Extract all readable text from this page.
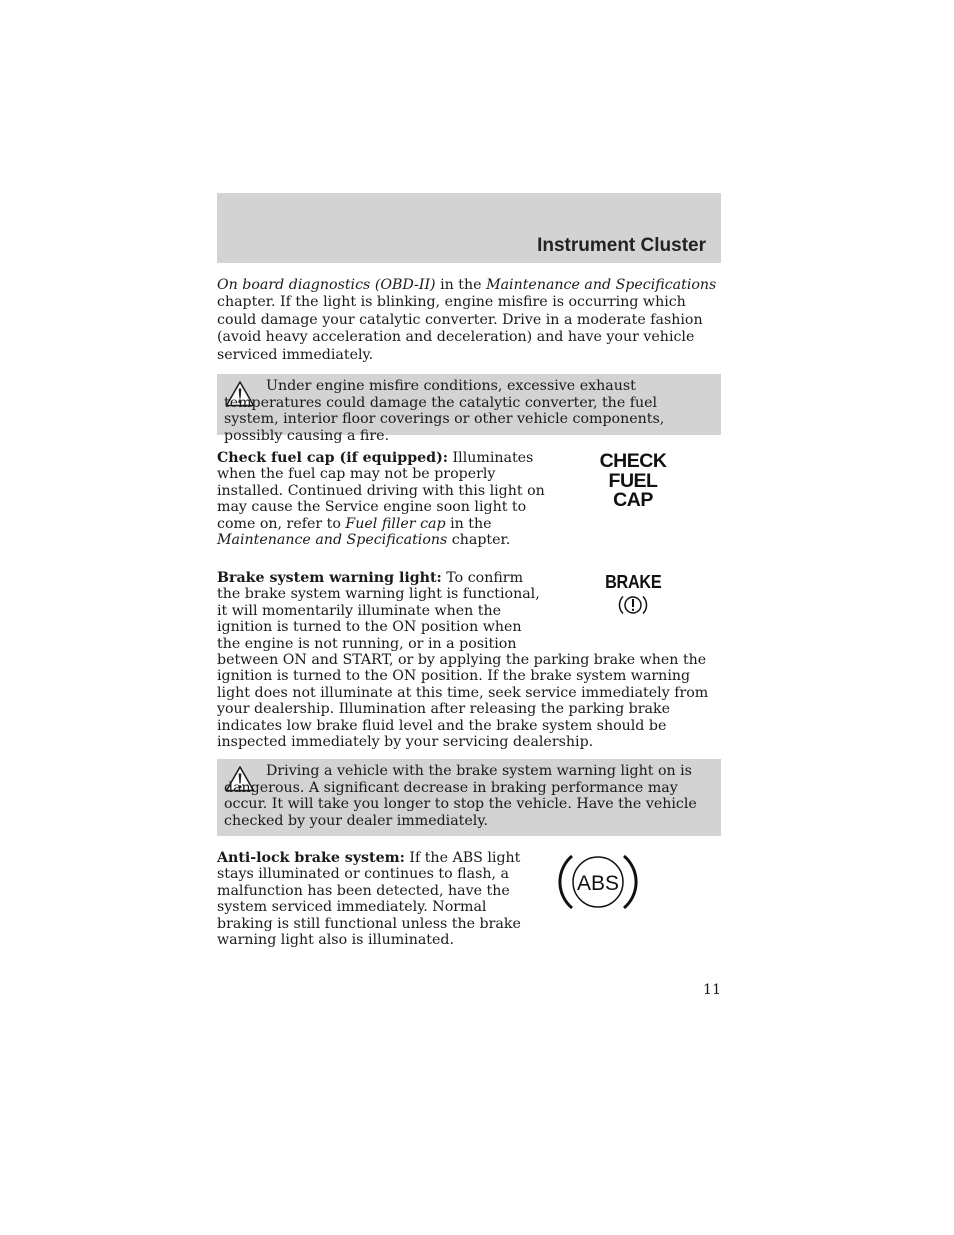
Instrument Cluster

On board diagnostics (OBD-II) in the Maintenance and Specifications chapter. If the light is blinking, engine misfire is occurring which could damage your catalytic converter. Drive in a moderate fashion (avoid heavy acceleration and deceleration) and have your vehicle serviced immediately.

Under engine misfire conditions, excessive exhaust temperatures could damage the catalytic converter, the fuel system, interior floor coverings or other vehicle components, possibly causing a fire.

CHECK
FUEL
CAP

Check fuel cap (if equipped): Illuminates when the fuel cap may not be properly installed. Continued driving with this light on may cause the Service engine soon light to come on, refer to Fuel filler cap in the Maintenance and Specifications chapter.

BRAKE

Brake system warning light: To confirm the brake system warning light is functional, it will momentarily illuminate when the ignition is turned to the ON position when the engine is not running, or in a position between ON and START, or by applying the parking brake when the ignition is turned to the ON position. If the brake system warning light does not illuminate at this time, seek service immediately from your dealership. Illumination after releasing the parking brake indicates low brake fluid level and the brake system should be inspected immediately by your servicing dealership.

Driving a vehicle with the brake system warning light on is dangerous. A significant decrease in braking performance may occur. It will take you longer to stop the vehicle. Have the vehicle checked by your dealer immediately.

ABS

Anti-lock brake system: If the ABS light stays illuminated or continues to flash, a malfunction has been detected, have the system serviced immediately. Normal braking is still functional unless the brake warning light also is illuminated.

11
